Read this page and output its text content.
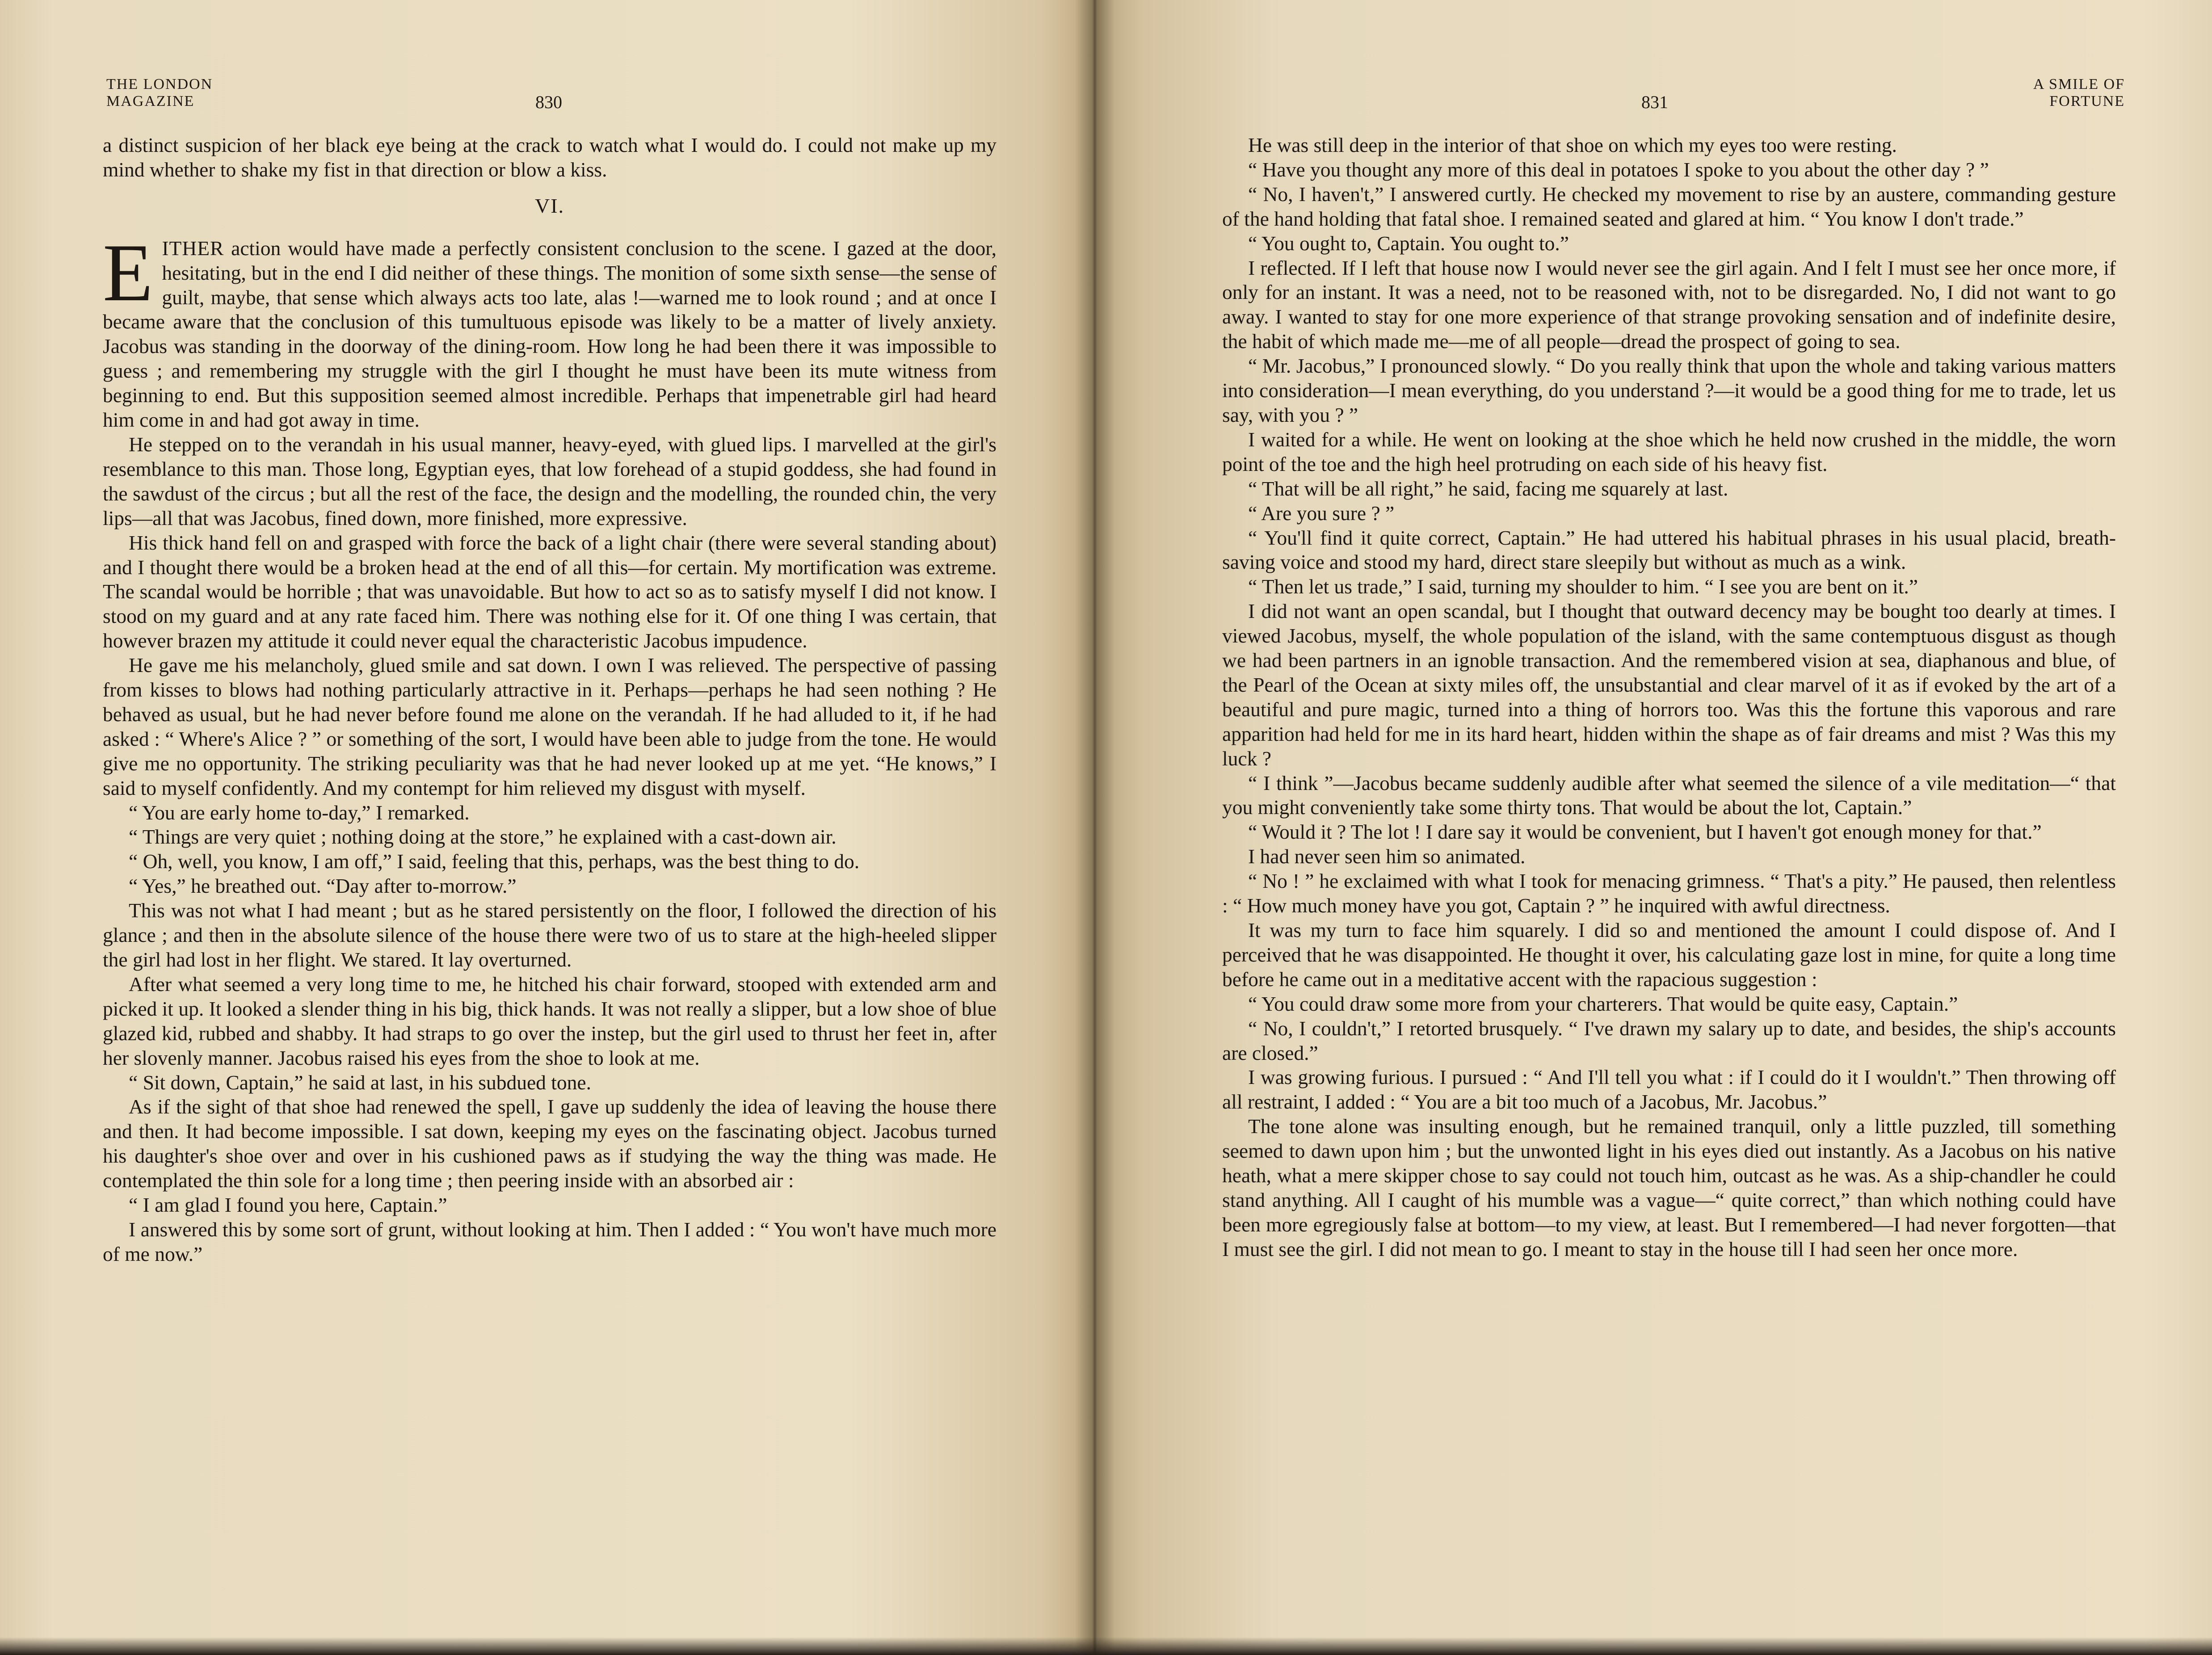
THE LONDON
MAGAZINE	830

a distinct suspicion of her black eye being at the crack to watch what I would do. I could not make up my mind whether to shake my fist in that direction or blow a kiss.

VI.

EITHER action would have made a perfectly consistent conclusion to the scene. I gazed at the door, hesitating, but in the end I did neither of these things. The monition of some sixth sense—the sense of guilt, maybe, that sense which always acts too late, alas !—warned me to look round ; and at once I became aware that the conclusion of this tumultuous episode was likely to be a matter of lively anxiety. Jacobus was standing in the doorway of the dining-room. How long he had been there it was impossible to guess ; and remembering my struggle with the girl I thought he must have been its mute witness from beginning to end. But this supposition seemed almost incredible. Perhaps that impenetrable girl had heard him come in and had got away in time.

He stepped on to the verandah in his usual manner, heavy-eyed, with glued lips. I marvelled at the girl's resemblance to this man. Those long, Egyptian eyes, that low forehead of a stupid goddess, she had found in the sawdust of the circus ; but all the rest of the face, the design and the modelling, the rounded chin, the very lips—all that was Jacobus, fined down, more finished, more expressive.

His thick hand fell on and grasped with force the back of a light chair (there were several standing about) and I thought there would be a broken head at the end of all this—for certain. My mortification was extreme. The scandal would be horrible ; that was unavoidable. But how to act so as to satisfy myself I did not know. I stood on my guard and at any rate faced him. There was nothing else for it. Of one thing I was certain, that however brazen my attitude it could never equal the characteristic Jacobus impudence.

He gave me his melancholy, glued smile and sat down. I own I was relieved. The perspective of passing from kisses to blows had nothing particularly attractive in it. Perhaps—perhaps he had seen nothing ? He behaved as usual, but he had never before found me alone on the verandah. If he had alluded to it, if he had asked : “ Where's Alice ? ” or something of the sort, I would have been able to judge from the tone. He would give me no opportunity. The striking peculiarity was that he had never looked up at me yet. “He knows,” I said to myself confidently. And my contempt for him relieved my disgust with myself.

“ You are early home to-day,” I remarked.

“ Things are very quiet ; nothing doing at the store,” he explained with a cast-down air.

“ Oh, well, you know, I am off,” I said, feeling that this, perhaps, was the best thing to do.

“ Yes,” he breathed out. “Day after to-morrow.”

This was not what I had meant ; but as he stared persistently on the floor, I followed the direction of his glance ; and then in the absolute silence of the house there were two of us to stare at the high-heeled slipper the girl had lost in her flight. We stared. It lay overturned.

After what seemed a very long time to me, he hitched his chair forward, stooped with extended arm and picked it up. It looked a slender thing in his big, thick hands. It was not really a slipper, but a low shoe of blue glazed kid, rubbed and shabby. It had straps to go over the instep, but the girl used to thrust her feet in, after her slovenly manner. Jacobus raised his eyes from the shoe to look at me.

“ Sit down, Captain,” he said at last, in his subdued tone.

As if the sight of that shoe had renewed the spell, I gave up suddenly the idea of leaving the house there and then. It had become impossible. I sat down, keeping my eyes on the fascinating object. Jacobus turned his daughter's shoe over and over in his cushioned paws as if studying the way the thing was made. He contemplated the thin sole for a long time ; then peering inside with an absorbed air :

“ I am glad I found you here, Captain.”

I answered this by some sort of grunt, without looking at him. Then I added : “ You won't have much more of me now.”

831
A SMILE OF
FORTUNE

He was still deep in the interior of that shoe on which my eyes too were resting.

“ Have you thought any more of this deal in potatoes I spoke to you about the other day ? ”

“ No, I haven't,” I answered curtly. He checked my movement to rise by an austere, commanding gesture of the hand holding that fatal shoe. I remained seated and glared at him. “ You know I don't trade.”

“ You ought to, Captain. You ought to.”

I reflected. If I left that house now I would never see the girl again. And I felt I must see her once more, if only for an instant. It was a need, not to be reasoned with, not to be disregarded. No, I did not want to go away. I wanted to stay for one more experience of that strange provoking sensation and of indefinite desire, the habit of which made me—me of all people—dread the prospect of going to sea.

“ Mr. Jacobus,” I pronounced slowly. “ Do you really think that upon the whole and taking various matters into consideration—I mean everything, do you understand ?—it would be a good thing for me to trade, let us say, with you ? ”

I waited for a while. He went on looking at the shoe which he held now crushed in the middle, the worn point of the toe and the high heel protruding on each side of his heavy fist.

“ That will be all right,” he said, facing me squarely at last.

“ Are you sure ? ”

“ You'll find it quite correct, Captain.” He had uttered his habitual phrases in his usual placid, breath-saving voice and stood my hard, direct stare sleepily but without as much as a wink.

“ Then let us trade,” I said, turning my shoulder to him. “ I see you are bent on it.”

I did not want an open scandal, but I thought that outward decency may be bought too dearly at times. I viewed Jacobus, myself, the whole population of the island, with the same contemptuous disgust as though we had been partners in an ignoble transaction. And the remembered vision at sea, diaphanous and blue, of the Pearl of the Ocean at sixty miles off, the unsubstantial and clear marvel of it as if evoked by the art of a beautiful and pure magic, turned into a thing of horrors too. Was this the fortune this vaporous and rare apparition had held for me in its hard heart, hidden within the shape as of fair dreams and mist ? Was this my luck ?

“ I think ”—Jacobus became suddenly audible after what seemed the silence of a vile meditation—“ that you might conveniently take some thirty tons. That would be about the lot, Captain.”

“ Would it ? The lot ! I dare say it would be convenient, but I haven't got enough money for that.”

I had never seen him so animated.

“ No ! ” he exclaimed with what I took for menacing grimness. “ That's a pity.” He paused, then relentless : “ How much money have you got, Captain ? ” he inquired with awful directness.

It was my turn to face him squarely. I did so and mentioned the amount I could dispose of. And I perceived that he was disappointed. He thought it over, his calculating gaze lost in mine, for quite a long time before he came out in a meditative accent with the rapacious suggestion :

“ You could draw some more from your charterers. That would be quite easy, Captain.”

“ No, I couldn't,” I retorted brusquely. “ I've drawn my salary up to date, and besides, the ship's accounts are closed.”

I was growing furious. I pursued : “ And I'll tell you what : if I could do it I wouldn't.” Then throwing off all restraint, I added : “ You are a bit too much of a Jacobus, Mr. Jacobus.”

The tone alone was insulting enough, but he remained tranquil, only a little puzzled, till something seemed to dawn upon him ; but the unwonted light in his eyes died out instantly. As a Jacobus on his native heath, what a mere skipper chose to say could not touch him, outcast as he was. As a ship-chandler he could stand anything. All I caught of his mumble was a vague—“ quite correct,” than which nothing could have been more egregiously false at bottom—to my view, at least. But I remembered—I had never forgotten—that I must see the girl. I did not mean to go. I meant to stay in the house till I had seen her once more.
